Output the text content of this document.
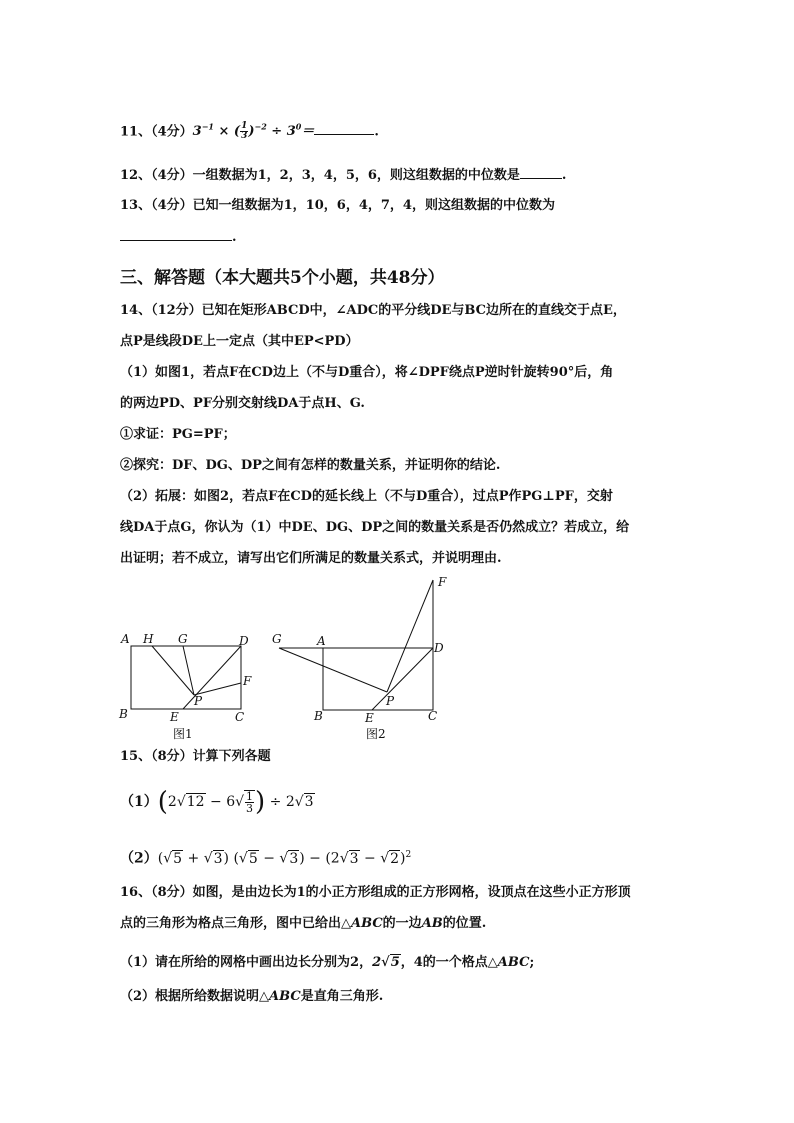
11、（4分）$3^{-1}$ × ( $\frac{1}{3} )^{-2} \div 3^0=$	.
12、（4分）一组数据为1，2，3，4，5，6，则这组数据的中位数是	.
13、（4分）已知一组数据为1，10，6，4，7，4，则这组数据的中位数为
.
三、解答题（本大题共5个小题，共48分）
14、（12分）已知在矩形ABCD中，∠ADC的平分线DE与BC边所在的直线交于点E，
点P是线段DE上一定点（其中EP<PD）
（1）如图1，若点F在CD边上（不与D重合），将∠DPF绕点P逆时针旋转90°后，角
的两边PD、PF分别交射线DA于点H、G.
①求证：PG=PF；
②探究：DF、DG、DP之间有怎样的数量关系，并证明你的结论.
（2）拓展：如图2，若点F在CD的延长线上（不与D重合），过点P作PG⊥PF，交射
线DA于点G，你认为（1）中DE、DG、DP之间的数量关系是否仍然成立？若成立，给
出证明；若不成立，请写出它们所满足的数量关系式，并说明理由.
A H G	D
F
P
B	E	C
图1
G	A	D
F
P
B	E	C
图2
15、（8分）计算下列各题
$(1)(2√12 - 6√ \frac{1}{3}$ ) ÷ 2√3
（2）(√5 + √3) $(√5 - √3) - (2√3 - √2)^2$
16、（8分）如图，是由边长为1的小正方形组成的正方形网格，设顶点在这些小正方形顶
点的三角形为格点三角形，图中已给出△ABC的一边AB的位置.
（1）请在所给的网格中画出边长分别为2，2√5，4的一个格点△ABC;
（2）根据所给数据说明△ABC是直角三角形.
